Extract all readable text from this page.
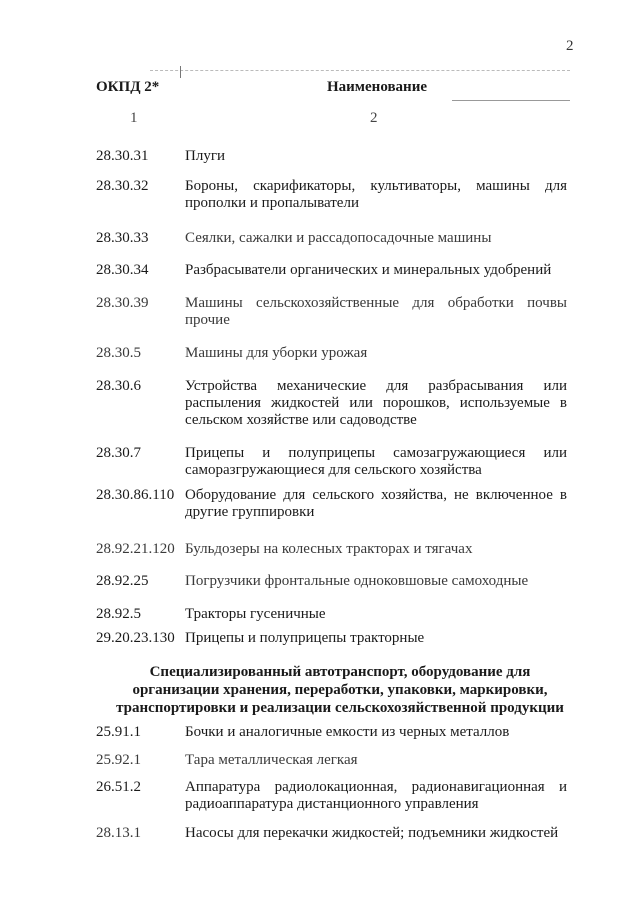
2
ОКПД 2*	Наименование
1	2
28.30.31 Плуги
28.30.32 Бороны, скарификаторы, культиваторы, машины для прополки и пропалыватели
28.30.33 Сеялки, сажалки и рассадопосадочные машины
28.30.34 Разбрасыватели органических и минеральных удобрений
28.30.39 Машины сельскохозяйственные для обработки почвы прочие
28.30.5	Машины для уборки урожая
28.30.6	Устройства механические для разбрасывания или распыления жидкостей или порошков, используемые в сельском хозяйстве или садоводстве
28.30.7	Прицепы и полуприцепы самозагружающиеся или саморазгружающиеся для сельского хозяйства
28.30.86.110 Оборудование для сельского хозяйства, не включенное в другие группировки
28.92.21.120 Бульдозеры на колесных тракторах и тягачах
28.92.25 Погрузчики фронтальные одноковшовые самоходные
28.92.5	Тракторы гусеничные
29.20.23.130 Прицепы и полуприцепы тракторные
Специализированный автотранспорт, оборудование для организации хранения, переработки, упаковки, маркировки, транспортировки и реализации сельскохозяйственной продукции
25.91.1	Бочки и аналогичные емкости из черных металлов
25.92.1	Тара металлическая легкая
26.51.2	Аппаратура радиолокационная, радионавигационная и радиоаппаратура дистанционного управления
28.13.1	Насосы для перекачки жидкостей; подъемники жидкостей
